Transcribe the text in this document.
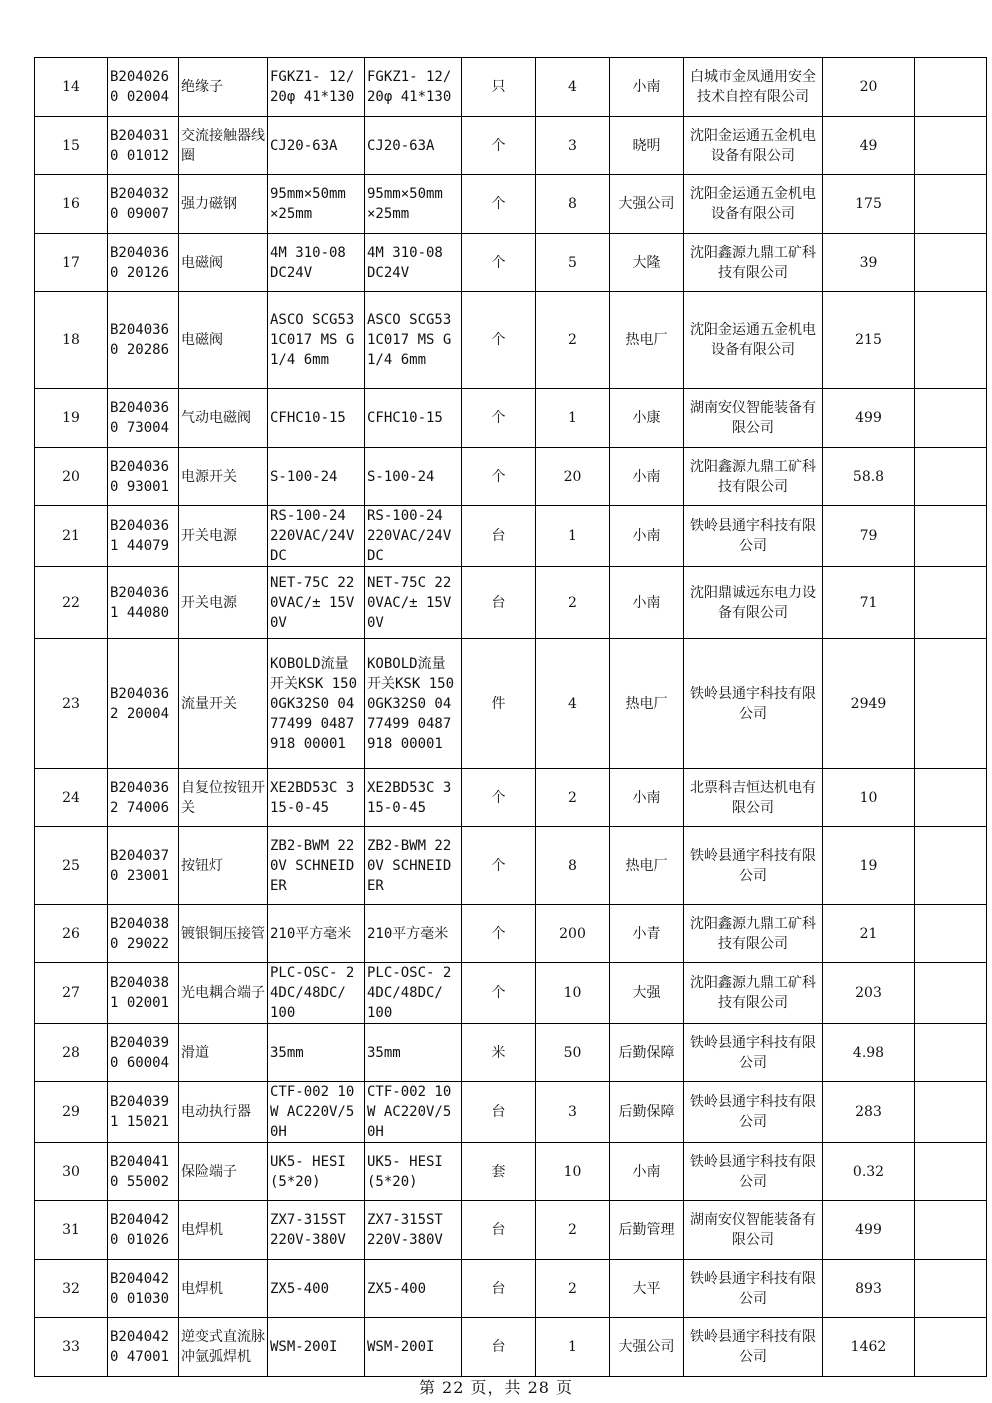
14	B2040260 02004	绝缘子	FGKZ1- 12/20φ 41*130	FGKZ1- 12/20φ 41*130	只	4	小南	白城市金凤通用安全技术自控有限公司	20	
15	B2040310 01012	交流接触器线圈	CJ20-63A	CJ20-63A	个	3	晓明	沈阳金运通五金机电设备有限公司	49	
16	B2040320 09007	强力磁钢	95mm×50mm ×25mm	95mm×50mm ×25mm	个	8	大强公司	沈阳金运通五金机电设备有限公司	175	
17	B2040360 20126	电磁阀	4M 310-08 DC24V	4M 310-08 DC24V	个	5	大隆	沈阳鑫源九鼎工矿科技有限公司	39	
18	B2040360 20286	电磁阀	ASCO SCG531C017 MS G 1/4 6mm	ASCO SCG531C017 MS G 1/4 6mm	个	2	热电厂	沈阳金运通五金机电设备有限公司	215	
19	B2040360 73004	气动电磁阀	CFHC10-15	CFHC10-15	个	1	小康	湖南安仪智能装备有限公司	499	
20	B2040360 93001	电源开关	S-100-24	S-100-24	个	20	小南	沈阳鑫源九鼎工矿科技有限公司	58.8	
21	B2040361 44079	开关电源	RS-100-24 220VAC/24V DC	RS-100-24 220VAC/24V DC	台	1	小南	铁岭县通宇科技有限公司	79	
22	B2040361 44080	开关电源	NET-75C 220VAC/± 15V 0V	NET-75C 220VAC/± 15V 0V	台	2	小南	沈阳鼎诚远东电力设备有限公司	71	
23	B2040362 20004	流量开关	KOBOLD流量开关KSK 1500GK32S0 0477499 0487918 00001	KOBOLD流量开关KSK 1500GK32S0 0477499 0487918 00001	件	4	热电厂	铁岭县通宇科技有限公司	2949	
24	B2040362 74006	自复位按钮开关	XE2BD53C 315-0-45	XE2BD53C 315-0-45	个	2	小南	北票科吉恒达机电有限公司	10	
25	B2040370 23001	按钮灯	ZB2-BWM 220V SCHNEIDER	ZB2-BWM 220V SCHNEIDER	个	8	热电厂	铁岭县通宇科技有限公司	19	
26	B2040380 29022	镀银铜压接管	210平方毫米	210平方毫米	个	200	小青	沈阳鑫源九鼎工矿科技有限公司	21	
27	B2040381 02001	光电耦合端子	PLC-OSC- 24DC/48DC/ 100	PLC-OSC- 24DC/48DC/ 100	个	10	大强	沈阳鑫源九鼎工矿科技有限公司	203	
28	B2040390 60004	滑道	35mm	35mm	米	50	后勤保障	铁岭县通宇科技有限公司	4.98	
29	B2040391 15021	电动执行器	CTF-002 10W AC220V/50H	CTF-002 10W AC220V/50H	台	3	后勤保障	铁岭县通宇科技有限公司	283	
30	B2040410 55002	保险端子	UK5- HESI(5*20)	UK5- HESI(5*20)	套	10	小南	铁岭县通宇科技有限公司	0.32	
31	B2040420 01026	电焊机	ZX7-315ST 220V-380V	ZX7-315ST 220V-380V	台	2	后勤管理	湖南安仪智能装备有限公司	499	
32	B2040420 01030	电焊机	ZX5-400	ZX5-400	台	2	大平	铁岭县通宇科技有限公司	893	
33	B2040420 47001	逆变式直流脉冲氩弧焊机	WSM-200I	WSM-200I	台	1	大强公司	铁岭县通宇科技有限公司	1462	
第 22 页，共 28 页
